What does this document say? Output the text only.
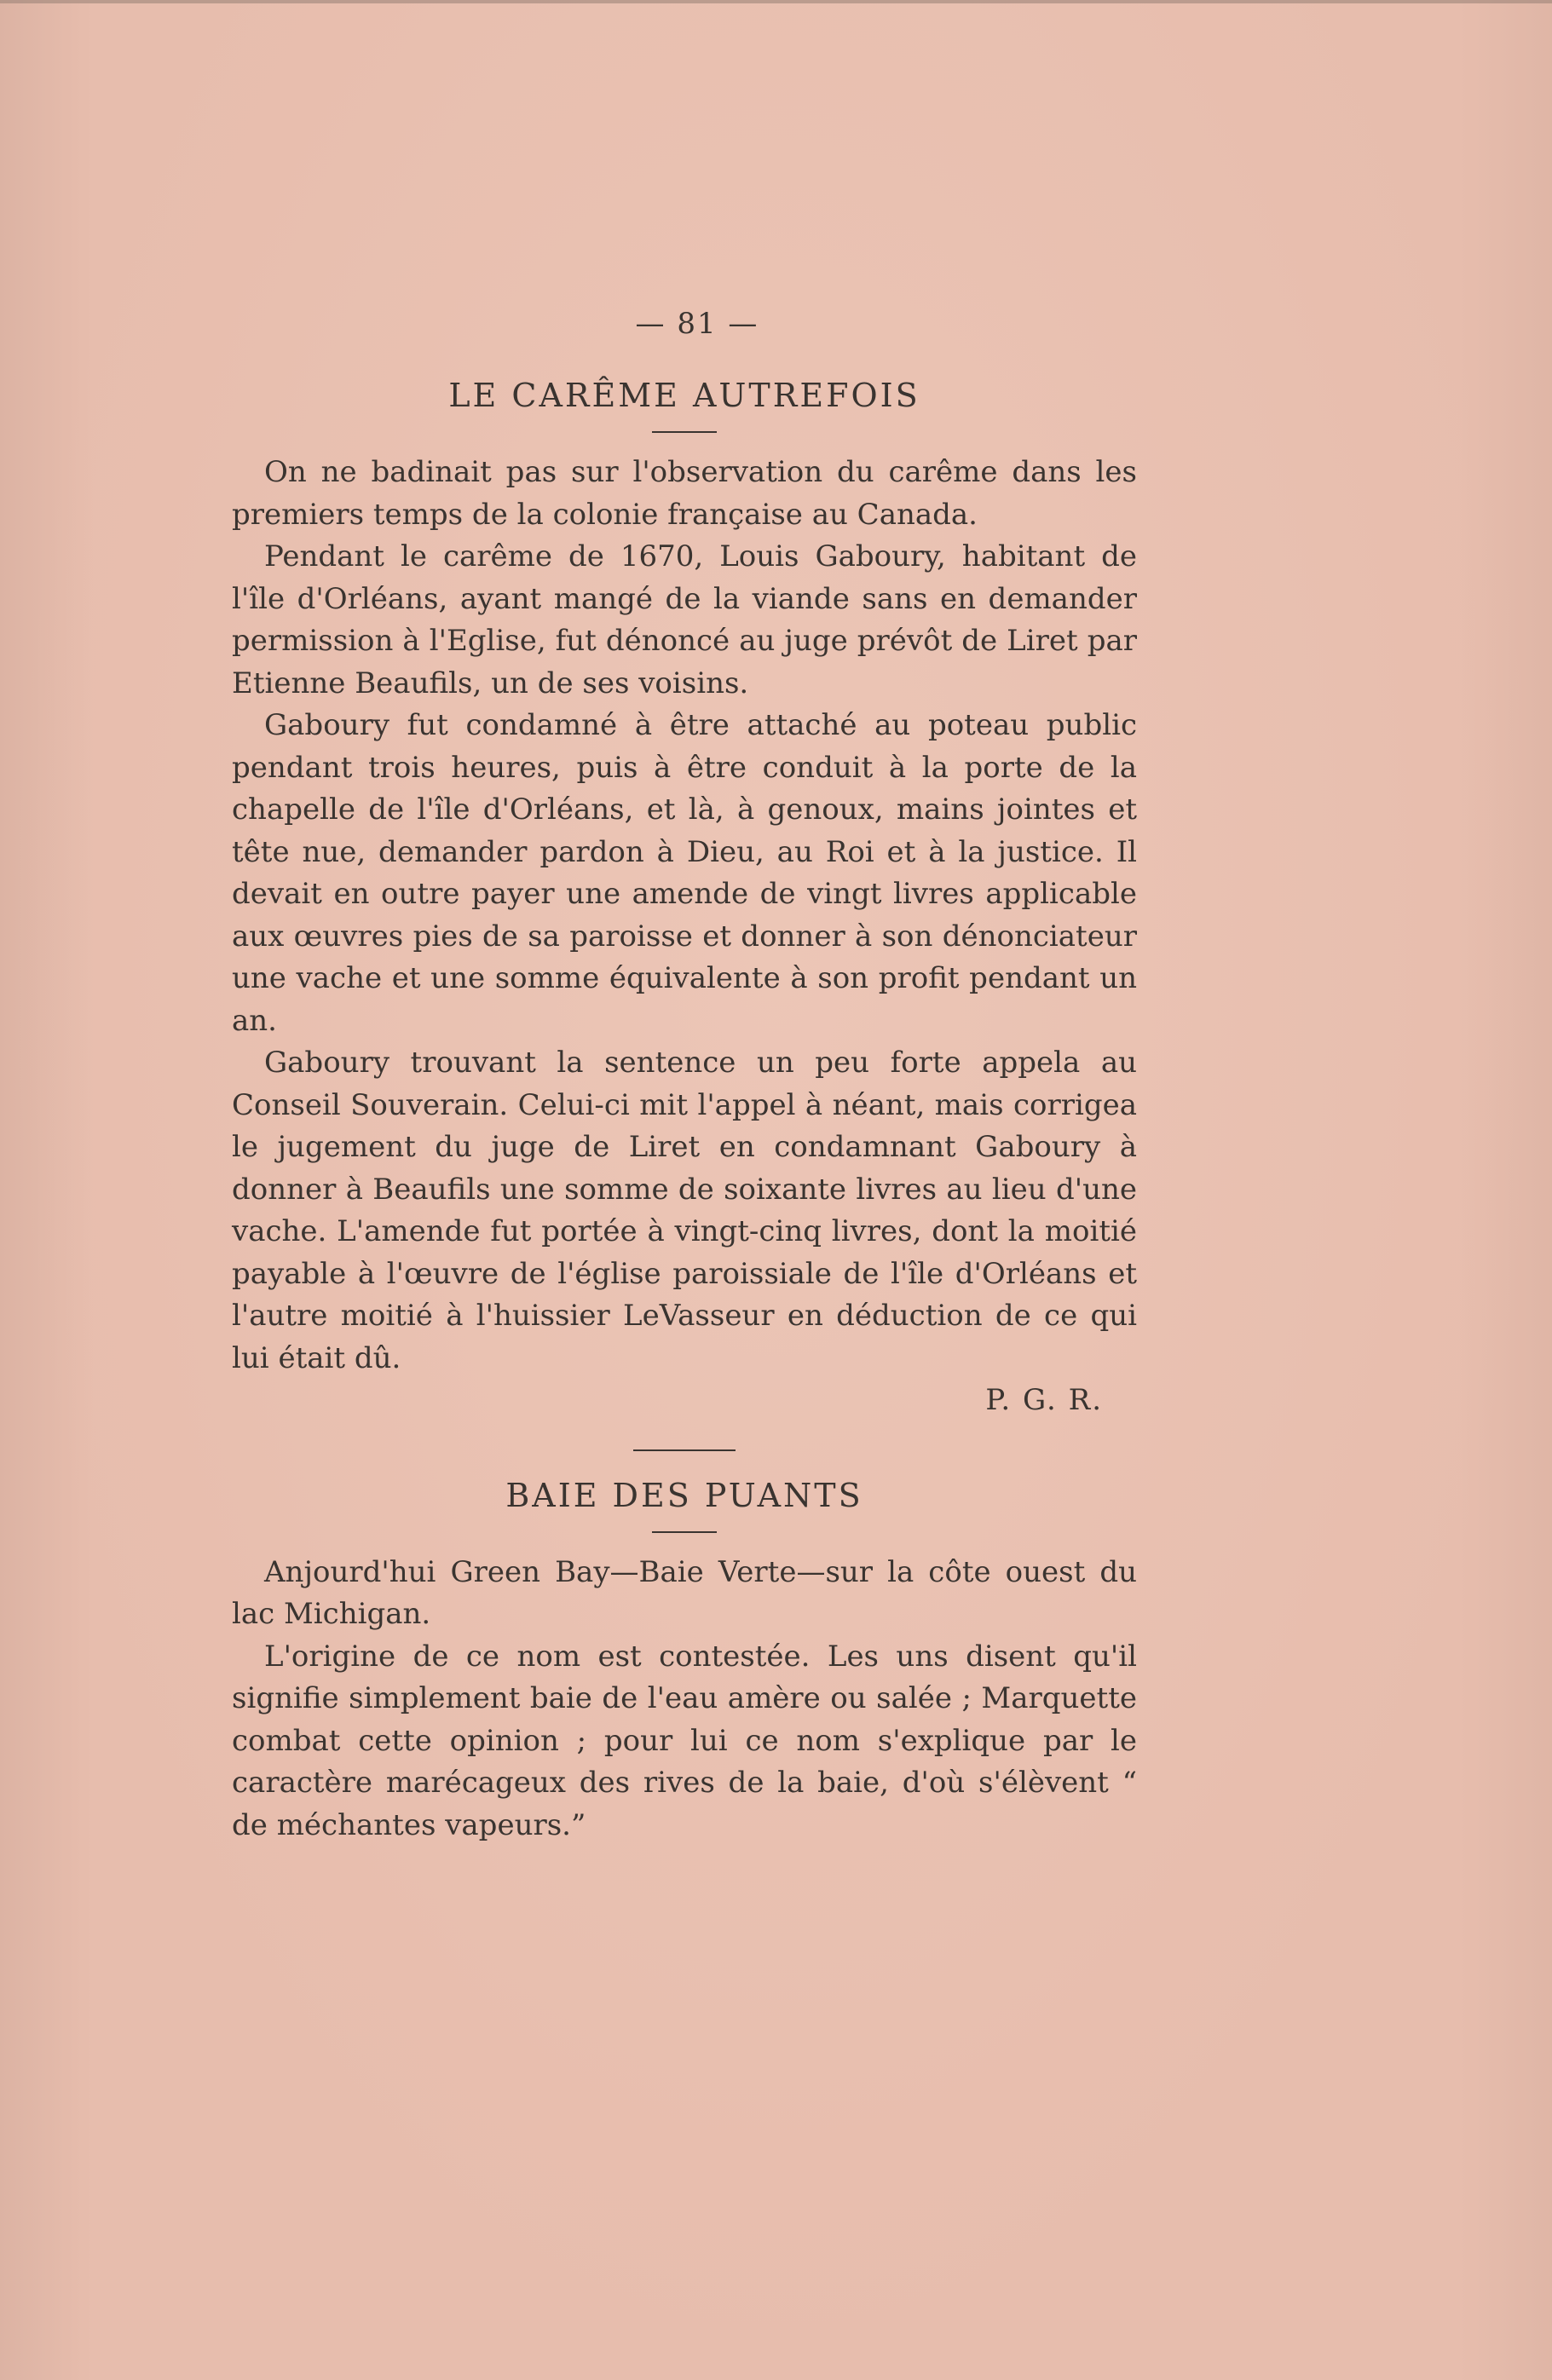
— 81 —
LE CARÊME AUTREFOIS

On ne badinait pas sur l'observation du carême dans les premiers temps de la colonie française au Canada.

Pendant le carême de 1670, Louis Gaboury, habitant de l'île d'Orléans, ayant mangé de la viande sans en demander permission à l'Eglise, fut dénoncé au juge prévôt de Liret par Etienne Beaufils, un de ses voisins.

Gaboury fut condamné à être attaché au poteau public pendant trois heures, puis à être conduit à la porte de la chapelle de l'île d'Orléans, et là, à genoux, mains jointes et tête nue, demander pardon à Dieu, au Roi et à la justice. Il devait en outre payer une amende de vingt livres applicable aux œuvres pies de sa paroisse et donner à son dénonciateur une vache et une somme équivalente à son profit pendant un an.

Gaboury trouvant la sentence un peu forte appela au Conseil Souverain. Celui-ci mit l'appel à néant, mais corrigea le jugement du juge de Liret en condamnant Gaboury à donner à Beaufils une somme de soixante livres au lieu d'une vache. L'amende fut portée à vingt-cinq livres, dont la moitié payable à l'œuvre de l'église paroissiale de l'île d'Orléans et l'autre moitié à l'huissier LeVasseur en déduction de ce qui lui était dû.

P. G. R.
BAIE DES PUANTS

Anjourd'hui Green Bay—Baie Verte—sur la côte ouest du lac Michigan.

L'origine de ce nom est contestée. Les uns disent qu'il signifie simplement baie de l'eau amère ou salée ; Marquette combat cette opinion ; pour lui ce nom s'explique par le caractère marécageux des rives de la baie, d'où s'élèvent “ de méchantes vapeurs.”
